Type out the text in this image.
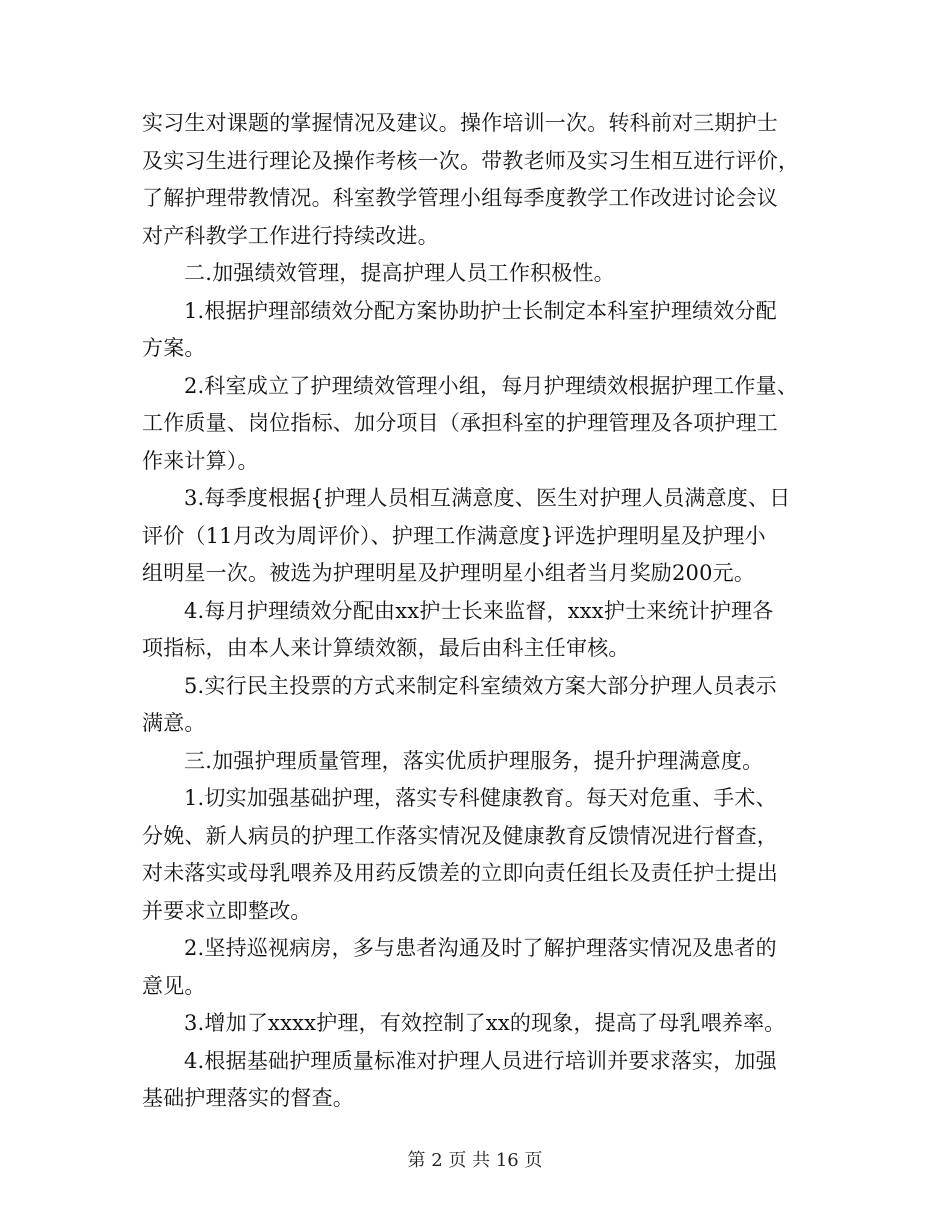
实习生对课题的掌握情况及建议。操作培训一次。转科前对三期护士
及实习生进行理论及操作考核一次。带教老师及实习生相互进行评价，
了解护理带教情况。科室教学管理小组每季度教学工作改进讨论会议
对产科教学工作进行持续改进。
二.加强绩效管理，提高护理人员工作积极性。
1.根据护理部绩效分配方案协助护士长制定本科室护理绩效分配
方案。
2.科室成立了护理绩效管理小组，每月护理绩效根据护理工作量、
工作质量、岗位指标、加分项目（承担科室的护理管理及各项护理工
作来计算）。
3.每季度根据{护理人员相互满意度、医生对护理人员满意度、日
评价（11月改为周评价）、护理工作满意度}评选护理明星及护理小
组明星一次。被选为护理明星及护理明星小组者当月奖励200元。
4.每月护理绩效分配由xx护士长来监督，xxx护士来统计护理各
项指标，由本人来计算绩效额，最后由科主任审核。
5.实行民主投票的方式来制定科室绩效方案大部分护理人员表示
满意。
三.加强护理质量管理，落实优质护理服务，提升护理满意度。
1.切实加强基础护理，落实专科健康教育。每天对危重、手术、
分娩、新人病员的护理工作落实情况及健康教育反馈情况进行督查，
对未落实或母乳喂养及用药反馈差的立即向责任组长及责任护士提出
并要求立即整改。
2.坚持巡视病房，多与患者沟通及时了解护理落实情况及患者的
意见。
3.增加了xxxx护理，有效控制了xx的现象，提高了母乳喂养率。
4.根据基础护理质量标准对护理人员进行培训并要求落实，加强
基础护理落实的督查。
第 2 页 共 16 页
